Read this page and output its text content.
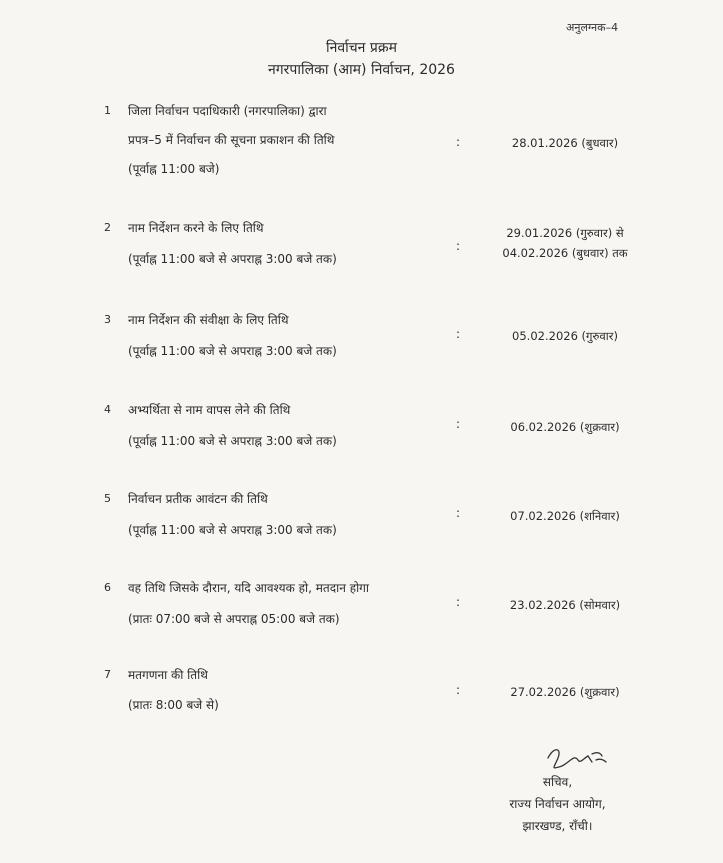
अनुलग्नक–4
निर्वाचन प्रक्रम
नगरपालिका (आम) निर्वाचन, 2026
1 जिला निर्वाचन पदाधिकारी (नगरपालिका) द्वारा
प्रपत्र–5 में निर्वाचन की सूचना प्रकाशन की तिथि
(पूर्वाह्न 11:00 बजे)
:	28.01.2026 (बुधवार)
2 नाम निर्देशन करने के लिए तिथि
(पूर्वाह्न 11:00 बजे से अपराह्न 3:00 बजे तक)
:
29.01.2026 (गुरुवार) से
04.02.2026 (बुधवार) तक
3 नाम निर्देशन की संवीक्षा के लिए तिथि
(पूर्वाह्न 11:00 बजे से अपराह्न 3:00 बजे तक)
:	05.02.2026 (गुरुवार)
4 अभ्यर्थिता से नाम वापस लेने की तिथि
(पूर्वाह्न 11:00 बजे से अपराह्न 3:00 बजे तक)
:	06.02.2026 (शुक्रवार)
5 निर्वाचन प्रतीक आवंटन की तिथि
(पूर्वाह्न 11:00 बजे से अपराह्न 3:00 बजे तक)
:	07.02.2026 (शनिवार)
6 वह तिथि जिसके दौरान, यदि आवश्यक हो, मतदान होगा
(प्रातः 07:00 बजे से अपराह्न 05:00 बजे तक)
:	23.02.2026 (सोमवार)
7 मतगणना की तिथि
(प्रातः 8:00 बजे से)
:	27.02.2026 (शुक्रवार)
सचिव,
राज्य निर्वाचन आयोग,
झारखण्ड, राँची।
